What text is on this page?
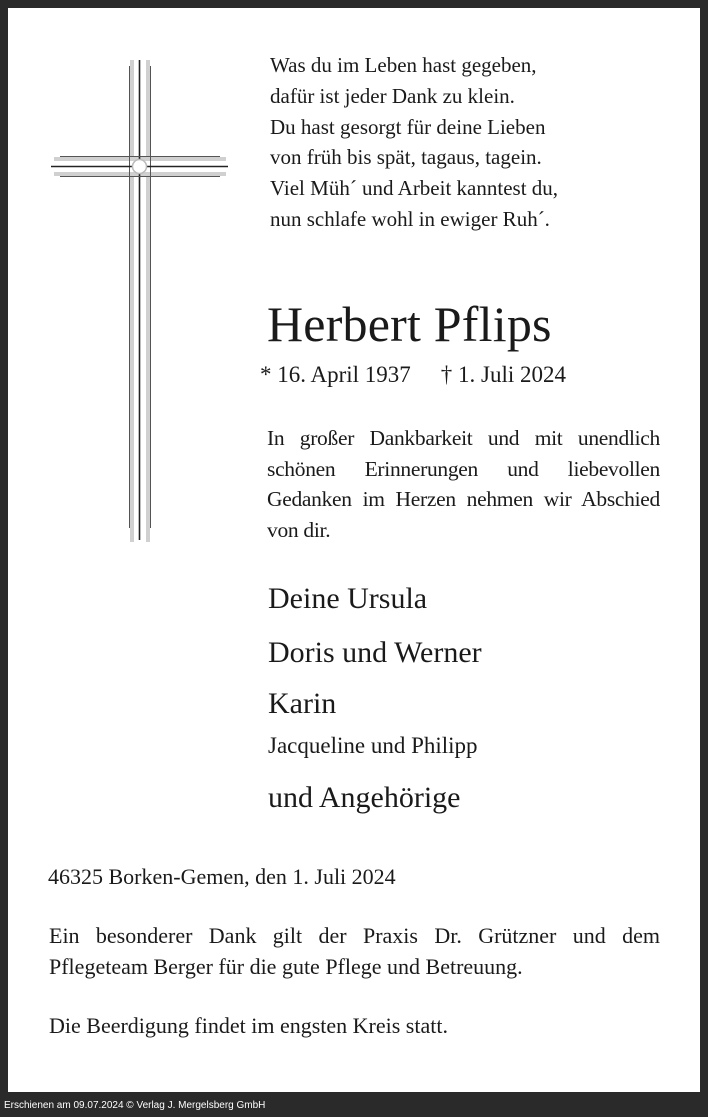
Was du im Leben hast gegeben,
dafür ist jeder Dank zu klein.
Du hast gesorgt für deine Lieben
von früh bis spät, tagaus, tagein.
Viel Müh´ und Arbeit kanntest du,
nun schlafe wohl in ewiger Ruh´.
Herbert Pflips
* 16. April 1937 † 1. Juli 2024
In großer Dankbarkeit und mit unendlich schönen Erinnerungen und liebevollen Gedanken im Herzen nehmen wir Abschied von dir.
Deine Ursula
Doris und Werner
Karin
Jacqueline und Philipp
und Angehörige
46325 Borken-Gemen, den 1. Juli 2024
Ein besonderer Dank gilt der Praxis Dr. Grützner und dem Pflegeteam Berger für die gute Pflege und Betreuung.
Die Beerdigung findet im engsten Kreis statt.
Erschienen am 09.07.2024 © Verlag J. Mergelsberg GmbH
